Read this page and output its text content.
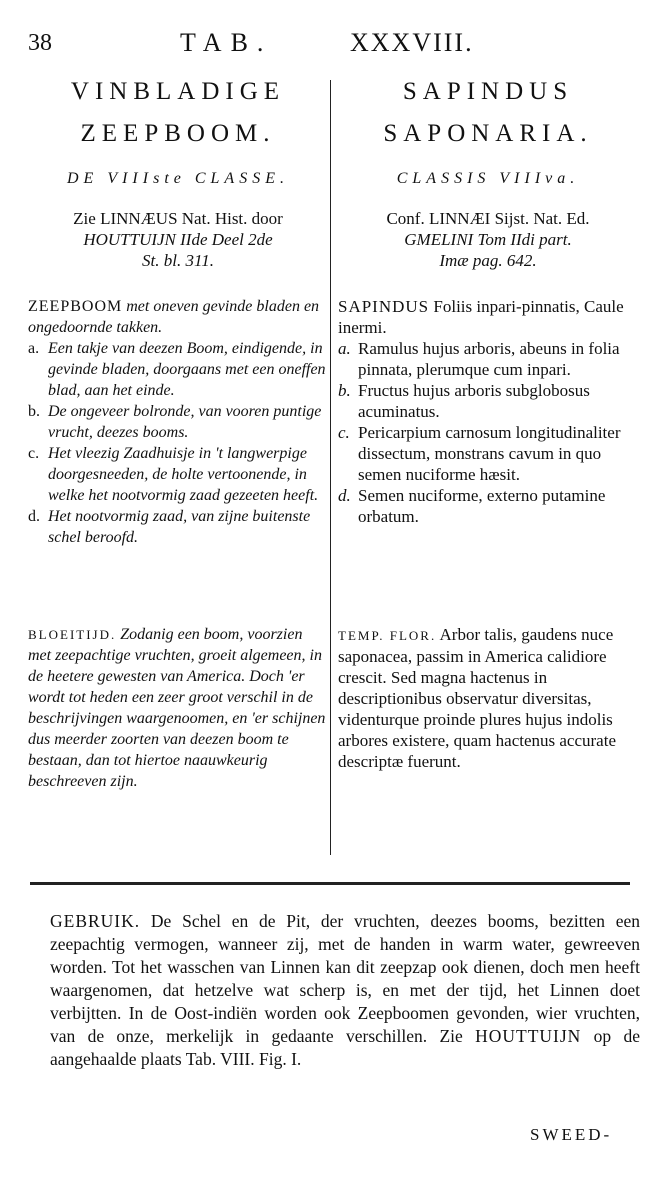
38	TAB.	XXXVIII.
VINBLADIGE
ZEEPBOOM.
DE VIIIste CLASSE.
Zie LINNÆUS Nat. Hist. door
HOUTTUIJN IIde Deel 2de
St. bl. 311.
ZEEPBOOM met oneven gevinde bladen en ongedoornde takken.
a. Een takje van deezen Boom, eindigende, in gevinde bladen, doorgaans met een oneffen blad, aan het einde.
b. De ongeveer bolronde, van vooren puntige vrucht, deezes booms.
c. Het vleezig Zaadhuisje in 't langwerpige doorgesneeden, de holte vertoonende, in welke het nootvormig zaad gezeeten heeft.
d. Het nootvormig zaad, van zijne buitenste schel beroofd.
BLOEITIJD. Zodanig een boom, voorzien met zeepachtige vruchten, groeit algemeen, in de heetere gewesten van America. Doch 'er wordt tot heden een zeer groot verschil in de beschrijvingen waargenoomen, en 'er schijnen dus meerder zoorten van deezen boom te bestaan, dan tot hiertoe naauwkeurig beschreeven zijn.
SAPINDUS
SAPONARIA.
CLASSIS VIIIva.
Conf. LINNÆI Sijst. Nat. Ed.
GMELINI Tom IIdi part.
Imæ pag. 642.
SAPINDUS Foliis inpari-pinnatis, Caule inermi.
a. Ramulus hujus arboris, abeuns in folia pinnata, plerumque cum inpari.
b. Fructus hujus arboris subglobosus acuminatus.
c. Pericarpium carnosum longitudinaliter dissectum, monstrans cavum in quo semen nuciforme hæsit.
d. Semen nuciforme, externo putamine orbatum.
TEMP. FLOR. Arbor talis, gaudens nuce saponacea, passim in America calidiore crescit. Sed magna hactenus in descriptionibus observatur diversitas, videnturque proinde plures hujus indolis arbores existere, quam hactenus accurate descriptæ fuerunt.

GEBRUIK. De Schel en de Pit, der vruchten, deezes booms, bezitten een zeepachtig vermogen, wanneer zij, met de handen in warm water, gewreeven worden. Tot het wasschen van Linnen kan dit zeepzap ook dienen, doch men heeft waargenomen, dat hetzelve wat scherp is, en met der tijd, het Linnen doet verbijtten. In de Oost-indiën worden ook Zeepboomen gevonden, wier vruchten, van de onze, merkelijk in gedaante verschillen. Zie HOUTTUIJN op de aangehaalde plaats Tab. VIII. Fig. I.

SWEED-
